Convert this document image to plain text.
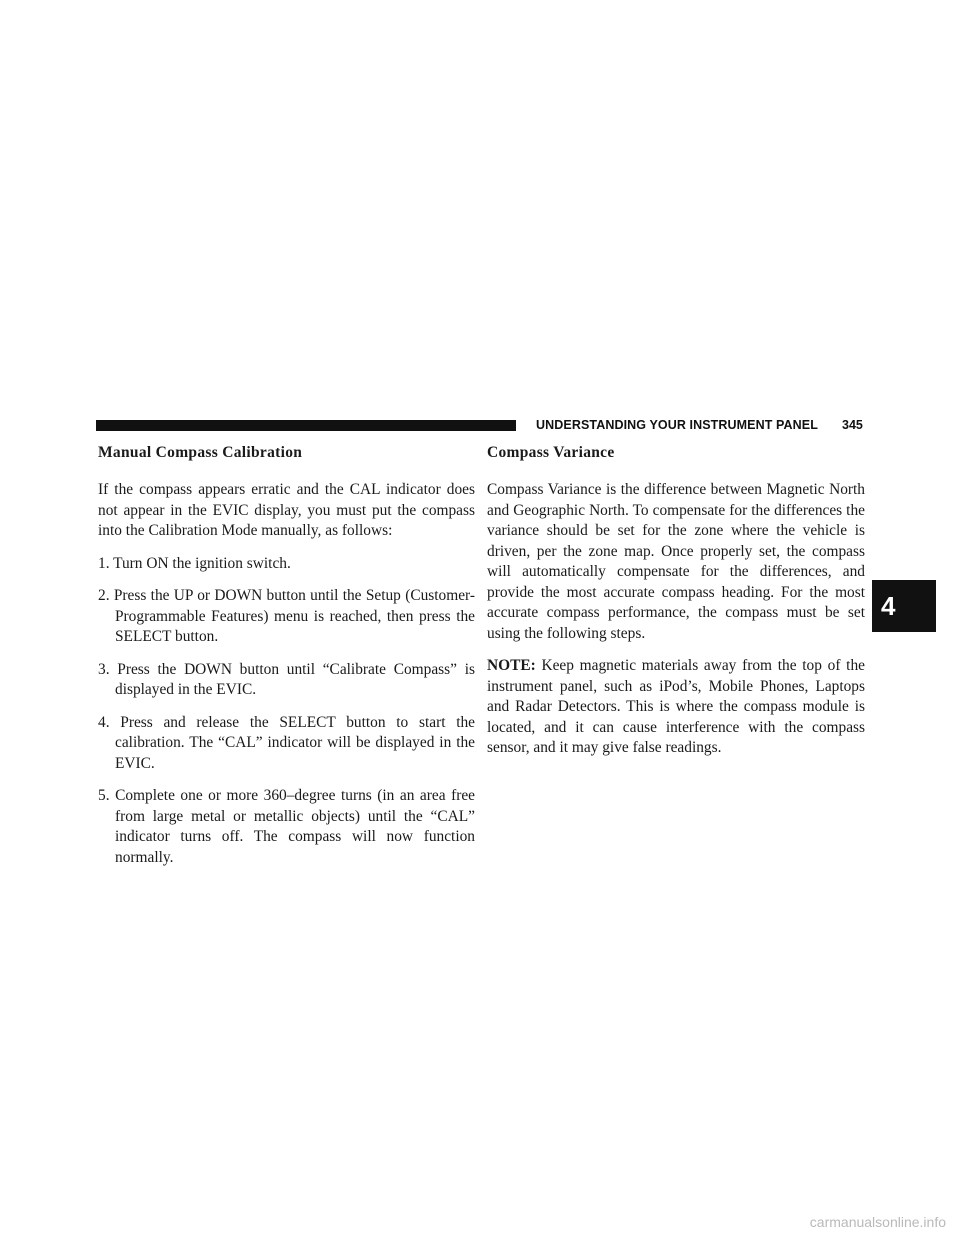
UNDERSTANDING YOUR INSTRUMENT PANEL 345
Manual Compass Calibration

If the compass appears erratic and the CAL indicator does not appear in the EVIC display, you must put the compass into the Calibration Mode manually, as follows:

1. Turn ON the ignition switch.
2. Press the UP or DOWN button until the Setup (Customer-Programmable Features) menu is reached, then press the SELECT button.
3. Press the DOWN button until “Calibrate Compass” is displayed in the EVIC.
4. Press and release the SELECT button to start the calibration. The “CAL” indicator will be displayed in the EVIC.
5. Complete one or more 360–degree turns (in an area free from large metal or metallic objects) until the “CAL” indicator turns off. The compass will now function normally.
Compass Variance

Compass Variance is the difference between Magnetic North and Geographic North. To compensate for the differences the variance should be set for the zone where the vehicle is driven, per the zone map. Once properly set, the compass will automatically compensate for the differences, and provide the most accurate compass heading. For the most accurate compass performance, the compass must be set using the following steps.

NOTE: Keep magnetic materials away from the top of the instrument panel, such as iPod’s, Mobile Phones, Laptops and Radar Detectors. This is where the compass module is located, and it can cause interference with the compass sensor, and it may give false readings.

4
carmanualsonline.info
